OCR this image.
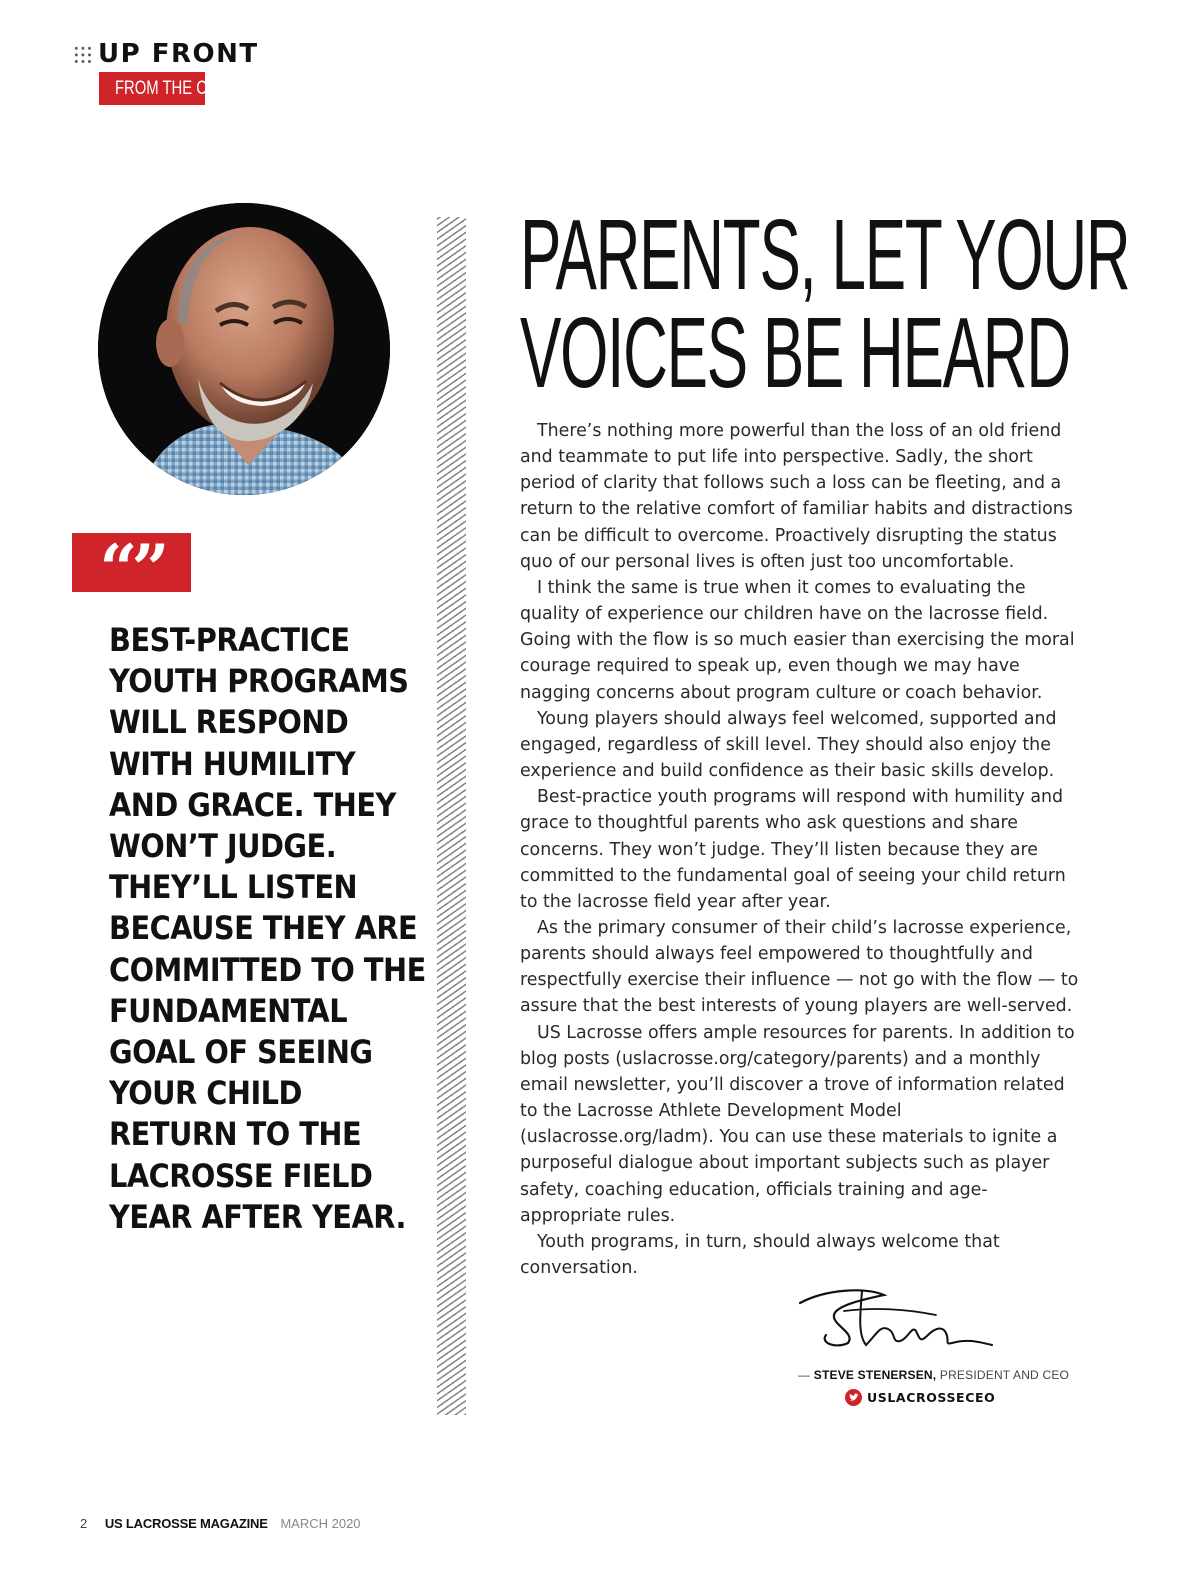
UP FRONT
FROM THE CEO
“”

BEST-PRACTICE YOUTH PROGRAMS WILL RESPOND WITH HUMILITY AND GRACE. THEY WON’T JUDGE. THEY’LL LISTEN BECAUSE THEY ARE COMMITTED TO THE FUNDAMENTAL GOAL OF SEEING YOUR CHILD RETURN TO THE LACROSSE FIELD YEAR AFTER YEAR.

PARENTS, LET YOUR
VOICES BE HEARD

There’s nothing more powerful than the loss of an old friend and teammate to put life into perspective. Sadly, the short period of clarity that follows such a loss can be fleeting, and a return to the relative comfort of familiar habits and distractions can be difficult to overcome. Proactively disrupting the status quo of our personal lives is often just too uncomfortable.

I think the same is true when it comes to evaluating the quality of experience our children have on the lacrosse field. Going with the flow is so much easier than exercising the moral courage required to speak up, even though we may have nagging concerns about program culture or coach behavior.

Young players should always feel welcomed, supported and engaged, regardless of skill level. They should also enjoy the experience and build confidence as their basic skills develop.

Best-practice youth programs will respond with humility and grace to thoughtful parents who ask questions and share concerns. They won’t judge. They’ll listen because they are committed to the fundamental goal of seeing your child return to the lacrosse field year after year.

As the primary consumer of their child’s lacrosse experience, parents should always feel empowered to thoughtfully and respectfully exercise their influence — not go with the flow — to assure that the best interests of young players are well-served.

US Lacrosse offers ample resources for parents. In addition to blog posts (uslacrosse.org/category/parents) and a monthly email newsletter, you’ll discover a trove of information related to the Lacrosse Athlete Development Model (uslacrosse.org/ladm). You can use these materials to ignite a purposeful dialogue about important subjects such as player safety, coaching education, officials training and age-appropriate rules.

Youth programs, in turn, should always welcome that conversation.

— STEVE STENERSEN, PRESIDENT AND CEO
USLACROSSECEO
2 US LACROSSE MAGAZINE MARCH 2020
